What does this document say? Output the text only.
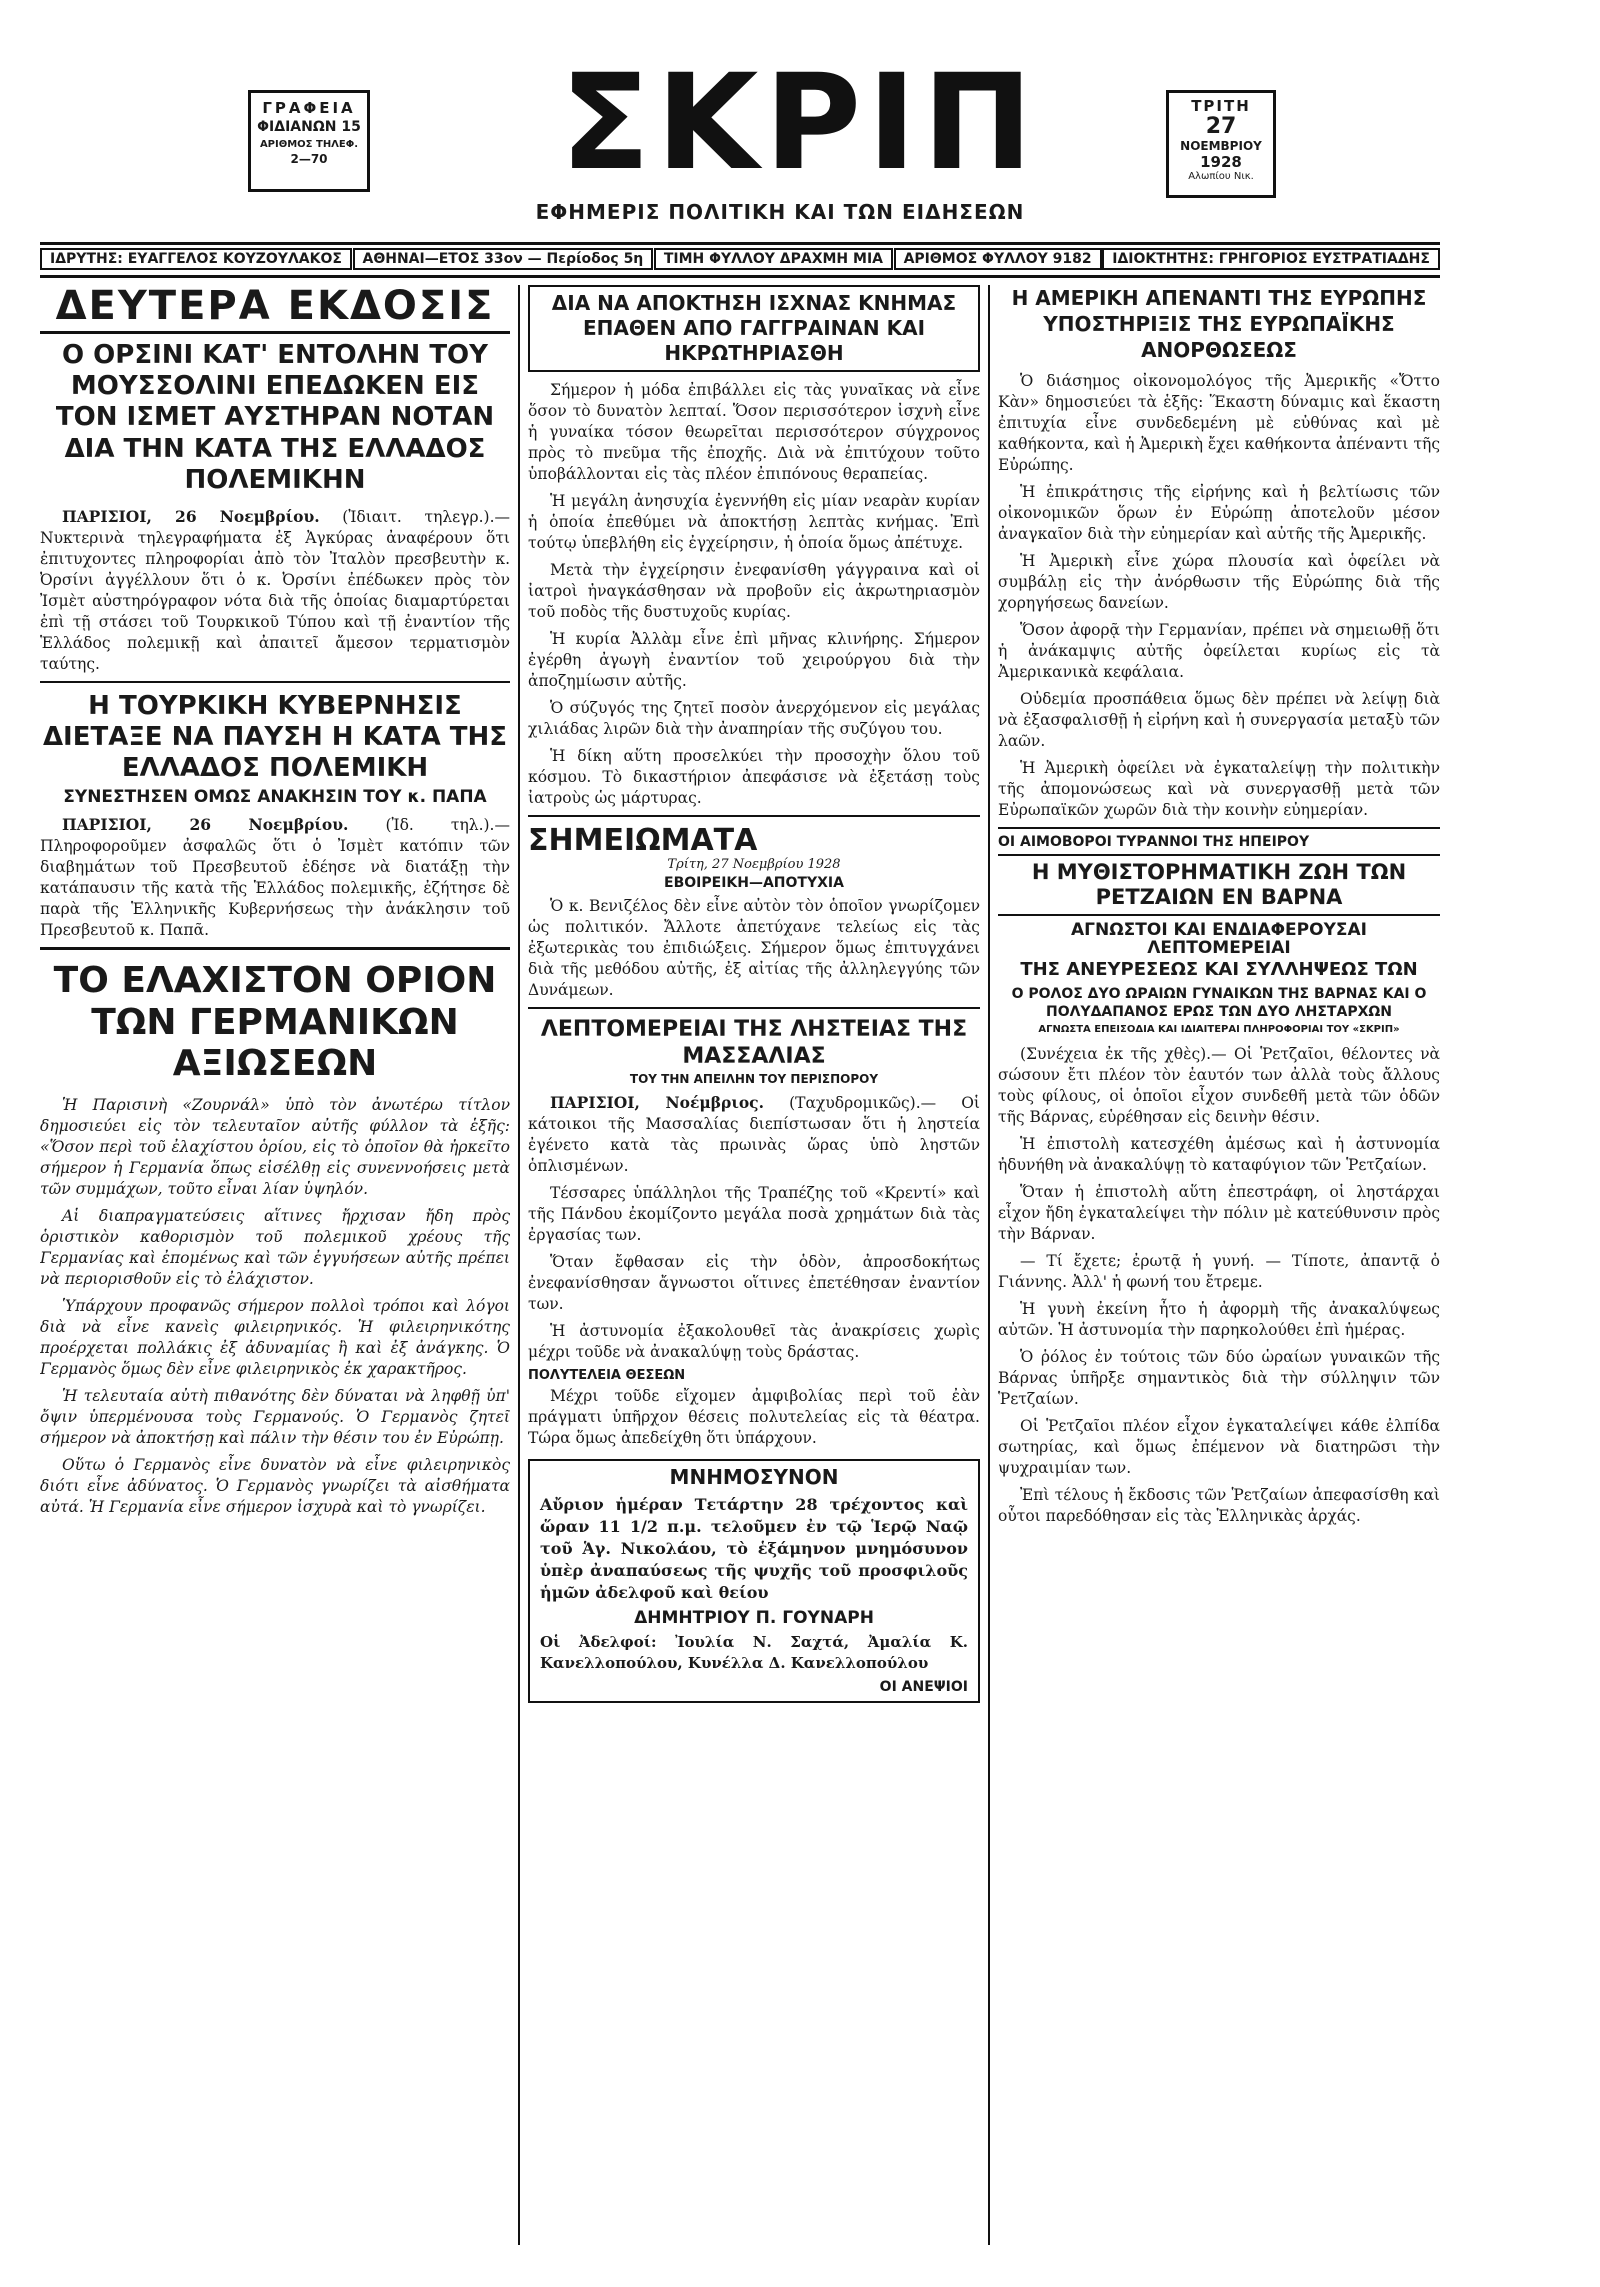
ΓΡΑΦΕΙΑ
ΦΙΔΙΑΝΩΝ 15
ΑΡΙΘΜΟΣ ΤΗΛΕΦ.
2—70 ΣΚΡΙΠ
ΕΦΗΜΕΡΙΣ ΠΟΛΙΤΙΚΗ ΚΑΙ ΤΩΝ ΕΙΔΗΣΕΩΝ
ΤΡΙΤΗ
27
ΝΟΕΜΒΡΙΟΥ
1928
Αλωπίου Νικ.
ΙΔΡΥΤΗΣ: ΕΥΑΓΓΕΛΟΣ ΚΟΥΖΟΥΛΑΚΟΣ	ΑΘΗΝΑΙ—ΕΤΟΣ 33ον — Περίοδος 5η	ΤΙΜΗ ΦΥΛΛΟΥ ΔΡΑΧΜΗ ΜΙΑ	ΑΡΙΘΜΟΣ ΦΥΛΛΟΥ 9182	ΙΔΙΟΚΤΗΤΗΣ: ΓΡΗΓΟΡΙΟΣ ΕΥΣΤΡΑΤΙΑΔΗΣ
ΔΕΥΤΕΡΑ ΕΚΔΟΣΙΣ
Ο ΟΡΣΙΝΙ ΚΑΤ' ΕΝΤΟΛΗΝ ΤΟΥ ΜΟΥΣΣΟΛΙΝΙ ΕΠΕΔΩΚΕΝ ΕΙΣ ΤΟΝ ΙΣΜΕΤ ΑΥΣΤΗΡΑΝ ΝΟΤΑΝ ΔΙΑ ΤΗΝ ΚΑΤΑ ΤΗΣ ΕΛΛΑΔΟΣ ΠΟΛΕΜΙΚΗΝ

ΠΑΡΙΣΙΟΙ, 26 Νοεμβρίου. (Ἰδιαιτ. τηλεγρ.).— Νυκτερινὰ τηλεγραφήματα ἐξ Ἀγκύρας ἀναφέρουν ὅτι ἐπιτυχοντες πληροφορίαι ἀπὸ τὸν Ἰταλὸν πρεσβευτὴν κ. Ὀρσίνι ἀγγέλλουν ὅτι ὁ κ. Ὀρσίνι ἐπέδωκεν πρὸς τὸν Ἰσμὲτ αὐστηρόγραφον νότα διὰ τῆς ὁποίας διαμαρτύρεται ἐπὶ τῇ στάσει τοῦ Τουρκικοῦ Τύπου καὶ τῇ ἐναντίον τῆς Ἑλλάδος πολεμικῇ καὶ ἀπαιτεῖ ἄμεσον τερματισμὸν ταύτης.

Η ΤΟΥΡΚΙΚΗ ΚΥΒΕΡΝΗΣΙΣ ΔΙΕΤΑΞΕ ΝΑ ΠΑΥΣΗ Η ΚΑΤΑ ΤΗΣ ΕΛΛΑΔΟΣ ΠΟΛΕΜΙΚΗ
ΣΥΝΕΣΤΗΣΕΝ ΟΜΩΣ ΑΝΑΚΗΣΙΝ ΤΟΥ κ. ΠΑΠΑ

ΠΑΡΙΣΙΟΙ, 26 Νοεμβρίου. (Ἰδ. τηλ.).— Πληροφοροῦμεν ἀσφαλῶς ὅτι ὁ Ἰσμὲτ κατόπιν τῶν διαβημάτων τοῦ Πρεσβευτοῦ ἐδέησε νὰ διατάξῃ τὴν κατάπαυσιν τῆς κατὰ τῆς Ἑλλάδος πολεμικῆς, ἐζήτησε δὲ παρὰ τῆς Ἑλληνικῆς Κυβερνήσεως τὴν ἀνάκλησιν τοῦ Πρεσβευτοῦ κ. Παπᾶ.

ΤΟ ΕΛΑΧΙΣΤΟΝ ΟΡΙΟΝ ΤΩΝ ΓΕΡΜΑΝΙΚΩΝ ΑΞΙΩΣΕΩΝ

Ἡ Παρισινὴ «Ζουρνάλ» ὑπὸ τὸν ἀνωτέρω τίτλον δημοσιεύει εἰς τὸν τελευταῖον αὐτῆς φύλλον τὰ ἑξῆς: «Ὅσον περὶ τοῦ ἐλαχίστου ὁρίου, εἰς τὸ ὁποῖον θὰ ἠρκεῖτο σήμερον ἡ Γερμανία ὅπως εἰσέλθῃ εἰς συνεννοήσεις μετὰ τῶν συμμάχων, τοῦτο εἶναι λίαν ὑψηλόν.

Αἱ διαπραγματεύσεις αἵτινες ἤρχισαν ἤδη πρὸς ὁριστικὸν καθορισμὸν τοῦ πολεμικοῦ χρέους τῆς Γερμανίας καὶ ἐπομένως καὶ τῶν ἐγγυήσεων αὐτῆς πρέπει νὰ περιορισθοῦν εἰς τὸ ἐλάχιστον.

Ὑπάρχουν προφανῶς σήμερον πολλοὶ τρόποι καὶ λόγοι διὰ νὰ εἶνε κανεὶς φιλειρηνικός. Ἡ φιλειρηνικότης προέρχεται πολλάκις ἐξ ἀδυναμίας ἢ καὶ ἐξ ἀνάγκης. Ὁ Γερμανὸς ὅμως δὲν εἶνε φιλειρηνικὸς ἐκ χαρακτῆρος.

Ἡ τελευταία αὐτὴ πιθανότης δὲν δύναται νὰ ληφθῇ ὑπ' ὄψιν ὑπερμένουσα τοὺς Γερμανούς. Ὁ Γερμανὸς ζητεῖ σήμερον νὰ ἀποκτήσῃ καὶ πάλιν τὴν θέσιν του ἐν Εὐρώπῃ.

Οὕτω ὁ Γερμανὸς εἶνε δυνατὸν νὰ εἶνε φιλειρηνικὸς διότι εἶνε ἀδύνατος. Ὁ Γερμανὸς γνωρίζει τὰ αἰσθήματα αὐτά. Ἡ Γερμανία εἶνε σήμερον ἰσχυρὰ καὶ τὸ γνωρίζει.

ΔΙΑ ΝΑ ΑΠΟΚΤΗΣΗ ΙΣΧΝΑΣ ΚΝΗΜΑΣ ΕΠΑΘΕΝ ΑΠΟ ΓΑΓΓΡΑΙΝΑΝ ΚΑΙ ΗΚΡΩΤΗΡΙΑΣΘΗ

Σήμερον ἡ μόδα ἐπιβάλλει εἰς τὰς γυναῖκας νὰ εἶνε ὅσον τὸ δυνατὸν λεπταί. Ὅσον περισσότερον ἰσχνὴ εἶνε ἡ γυναίκα τόσον θεωρεῖται περισσότερον σύγχρονος πρὸς τὸ πνεῦμα τῆς ἐποχῆς. Διὰ νὰ ἐπιτύχουν τοῦτο ὑποβάλλονται εἰς τὰς πλέον ἐπιπόνους θεραπείας.

Ἡ μεγάλη ἀνησυχία ἐγεννήθη εἰς μίαν νεαρὰν κυρίαν ἡ ὁποία ἐπεθύμει νὰ ἀποκτήσῃ λεπτὰς κνήμας. Ἐπὶ τούτῳ ὑπεβλήθη εἰς ἐγχείρησιν, ἡ ὁποία ὅμως ἀπέτυχε.

Μετὰ τὴν ἐγχείρησιν ἐνεφανίσθη γάγγραινα καὶ οἱ ἰατροὶ ἠναγκάσθησαν νὰ προβοῦν εἰς ἀκρωτηριασμὸν τοῦ ποδὸς τῆς δυστυχοῦς κυρίας.

Ἡ κυρία Ἀλλὰμ εἶνε ἐπὶ μῆνας κλινήρης. Σήμερον ἐγέρθη ἀγωγὴ ἐναντίον τοῦ χειρούργου διὰ τὴν ἀποζημίωσιν αὐτῆς.

Ὁ σύζυγός της ζητεῖ ποσὸν ἀνερχόμενον εἰς μεγάλας χιλιάδας λιρῶν διὰ τὴν ἀναπηρίαν τῆς συζύγου του.

Ἡ δίκη αὕτη προσελκύει τὴν προσοχὴν ὅλου τοῦ κόσμου. Τὸ δικαστήριον ἀπεφάσισε νὰ ἐξετάσῃ τοὺς ἰατροὺς ὡς μάρτυρας.

ΣΗΜΕΙΩΜΑΤΑ
Τρίτη, 27 Νοεμβρίου 1928
ΕΒΟΙΡΕΙΚΗ—ΑΠΟΤΥΧΙΑ

Ὁ κ. Βενιζέλος δὲν εἶνε αὐτὸν τὸν ὁποῖον γνωρίζομεν ὡς πολιτικόν. Ἄλλοτε ἀπετύχανε τελείως εἰς τὰς ἐξωτερικὰς του ἐπιδιώξεις. Σήμερον ὅμως ἐπιτυγχάνει διὰ τῆς μεθόδου αὐτῆς, ἐξ αἰτίας τῆς ἀλληλεγγύης τῶν Δυνάμεων.

ΛΕΠΤΟΜΕΡΕΙΑΙ ΤΗΣ ΛΗΣΤΕΙΑΣ ΤΗΣ ΜΑΣΣΑΛΙΑΣ
ΤΟΥ ΤΗΝ ΑΠΕΙΛΗΝ ΤΟΥ ΠΕΡΙΣΠΟΡΟΥ

ΠΑΡΙΣΙΟΙ, Νοέμβριος. (Ταχυδρομικῶς).— Οἱ κάτοικοι τῆς Μασσαλίας διεπίστωσαν ὅτι ἡ ληστεία ἐγένετο κατὰ τὰς πρωινὰς ὥρας ὑπὸ ληστῶν ὁπλισμένων.

Τέσσαρες ὑπάλληλοι τῆς Τραπέζης τοῦ «Κρεντί» καὶ τῆς Πάνδου ἐκομίζοντο μεγάλα ποσὰ χρημάτων διὰ τὰς ἐργασίας των.

Ὅταν ἔφθασαν εἰς τὴν ὁδὸν, ἀπροσδοκήτως ἐνεφανίσθησαν ἄγνωστοι οἵτινες ἐπετέθησαν ἐναντίον των.

Ἡ ἀστυνομία ἐξακολουθεῖ τὰς ἀνακρίσεις χωρὶς μέχρι τοῦδε νὰ ἀνακαλύψῃ τοὺς δράστας.

ΠΟΛΥΤΕΛΕΙΑ ΘΕΣΕΩΝ

Μέχρι τοῦδε εἴχομεν ἀμφιβολίας περὶ τοῦ ἐὰν πράγματι ὑπῆρχον θέσεις πολυτελείας εἰς τὰ θέατρα. Τώρα ὅμως ἀπεδείχθη ὅτι ὑπάρχουν.

ΜΝΗΜΟΣΥΝΟΝ

Αὔριον ἡμέραν Τετάρτην 28 τρέχοντος καὶ ὥραν 11 1/2 π.μ. τελοῦμεν ἐν τῷ Ἱερῷ Ναῷ τοῦ Ἁγ. Νικολάου, τὸ ἑξάμηνον μνημόσυνον ὑπὲρ ἀναπαύσεως τῆς ψυχῆς τοῦ προσφιλοῦς ἡμῶν ἀδελφοῦ καὶ θείου

ΔΗΜΗΤΡΙΟΥ Π. ΓΟΥΝΑΡΗ

Οἱ Ἀδελφοί: Ἰουλία Ν. Σαχτά, Ἀμαλία Κ. Κανελλοπούλου, Κυνέλλα Δ. Κανελλοπούλου

ΟΙ ΑΝΕΨΙΟΙ
Η ΑΜΕΡΙΚΗ ΑΠΕΝΑΝΤΙ ΤΗΣ ΕΥΡΩΠΗΣ ΥΠΟΣΤΗΡΙΞΙΣ ΤΗΣ ΕΥΡΩΠΑΪΚΗΣ ΑΝΟΡΘΩΣΕΩΣ

Ὁ διάσημος οἰκονομολόγος τῆς Ἀμερικῆς «Ὄττο Κὰν» δημοσιεύει τὰ ἑξῆς: Ἕκαστη δύναμις καὶ ἕκαστη ἐπιτυχία εἶνε συνδεδεμένη μὲ εὐθύνας καὶ μὲ καθήκοντα, καὶ ἡ Ἀμερικὴ ἔχει καθήκοντα ἀπέναντι τῆς Εὐρώπης.

Ἡ ἐπικράτησις τῆς εἰρήνης καὶ ἡ βελτίωσις τῶν οἰκονομικῶν ὅρων ἐν Εὐρώπῃ ἀποτελοῦν μέσον ἀναγκαῖον διὰ τὴν εὐημερίαν καὶ αὐτῆς τῆς Ἀμερικῆς.

Ἡ Ἀμερικὴ εἶνε χώρα πλουσία καὶ ὁφείλει νὰ συμβάλῃ εἰς τὴν ἀνόρθωσιν τῆς Εὐρώπης διὰ τῆς χορηγήσεως δανείων.

Ὅσον ἀφορᾷ τὴν Γερμανίαν, πρέπει νὰ σημειωθῇ ὅτι ἡ ἀνάκαμψις αὐτῆς ὀφείλεται κυρίως εἰς τὰ Ἀμερικανικὰ κεφάλαια.

Οὐδεμία προσπάθεια ὅμως δὲν πρέπει νὰ λείψῃ διὰ νὰ ἐξασφαλισθῇ ἡ εἰρήνη καὶ ἡ συνεργασία μεταξὺ τῶν λαῶν.

Ἡ Ἀμερικὴ ὀφείλει νὰ ἐγκαταλείψῃ τὴν πολιτικὴν τῆς ἀπομονώσεως καὶ νὰ συνεργασθῇ μετὰ τῶν Εὐρωπαϊκῶν χωρῶν διὰ τὴν κοινὴν εὐημερίαν.

ΟΙ ΑΙΜΟΒΟΡΟΙ ΤΥΡΑΝΝΟΙ ΤΗΣ ΗΠΕΙΡΟΥ
Η ΜΥΘΙΣΤΟΡΗΜΑΤΙΚΗ ΖΩΗ ΤΩΝ ΡΕΤΖΑΙΩΝ ΕΝ ΒΑΡΝΑ
ΑΓΝΩΣΤΟΙ ΚΑΙ ΕΝΔΙΑΦΕΡΟΥΣΑΙ ΛΕΠΤΟΜΕΡΕΙΑΙ
ΤΗΣ ΑΝΕΥΡΕΣΕΩΣ ΚΑΙ ΣΥΛΛΗΨΕΩΣ ΤΩΝ
Ο ΡΟΛΟΣ ΔΥΟ ΩΡΑΙΩΝ ΓΥΝΑΙΚΩΝ ΤΗΣ ΒΑΡΝΑΣ ΚΑΙ Ο ΠΟΛΥΔΑΠΑΝΟΣ ΕΡΩΣ ΤΩΝ ΔΥΟ ΛΗΣΤΑΡΧΩΝ
ΑΓΝΩΣΤΑ ΕΠΕΙΣΟΔΙΑ ΚΑΙ ΙΔΙΑΙΤΕΡΑΙ ΠΛΗΡΟΦΟΡΙΑΙ ΤΟΥ «ΣΚΡΙΠ»

(Συνέχεια ἐκ τῆς χθὲς).— Οἱ Ῥετζαῖοι, θέλοντες νὰ σώσουν ἔτι πλέον τὸν ἑαυτόν των ἀλλὰ τοὺς ἄλλους τοὺς φίλους, οἱ ὁποῖοι εἶχον συνδεθῆ μετὰ τῶν ὁδῶν τῆς Βάρνας, εὑρέθησαν εἰς δεινὴν θέσιν.

Ἡ ἐπιστολὴ κατεσχέθη ἀμέσως καὶ ἡ ἀστυνομία ἠδυνήθη νὰ ἀνακαλύψῃ τὸ καταφύγιον τῶν Ῥετζαίων.

Ὅταν ἡ ἐπιστολὴ αὕτη ἐπεστράφη, οἱ ληστάρχαι εἶχον ἤδη ἐγκαταλείψει τὴν πόλιν μὲ κατεύθυνσιν πρὸς τὴν Βάρναν.

— Τί ἔχετε; ἐρωτᾷ ἡ γυνή. — Τίποτε, ἀπαντᾷ ὁ Γιάννης. Ἀλλ' ἡ φωνή του ἔτρεμε.

Ἡ γυνὴ ἐκείνη ἦτο ἡ ἀφορμὴ τῆς ἀνακαλύψεως αὐτῶν. Ἡ ἀστυνομία τὴν παρηκολούθει ἐπὶ ἡμέρας.

Ὁ ῥόλος ἐν τούτοις τῶν δύο ὡραίων γυναικῶν τῆς Βάρνας ὑπῆρξε σημαντικὸς διὰ τὴν σύλληψιν τῶν Ῥετζαίων.

Οἱ Ῥετζαῖοι πλέον εἶχον ἐγκαταλείψει κάθε ἐλπίδα σωτηρίας, καὶ ὅμως ἐπέμενον νὰ διατηρῶσι τὴν ψυχραιμίαν των.

Ἐπὶ τέλους ἡ ἔκδοσις τῶν Ῥετζαίων ἀπεφασίσθη καὶ οὗτοι παρεδόθησαν εἰς τὰς Ἑλληνικὰς ἀρχάς.
